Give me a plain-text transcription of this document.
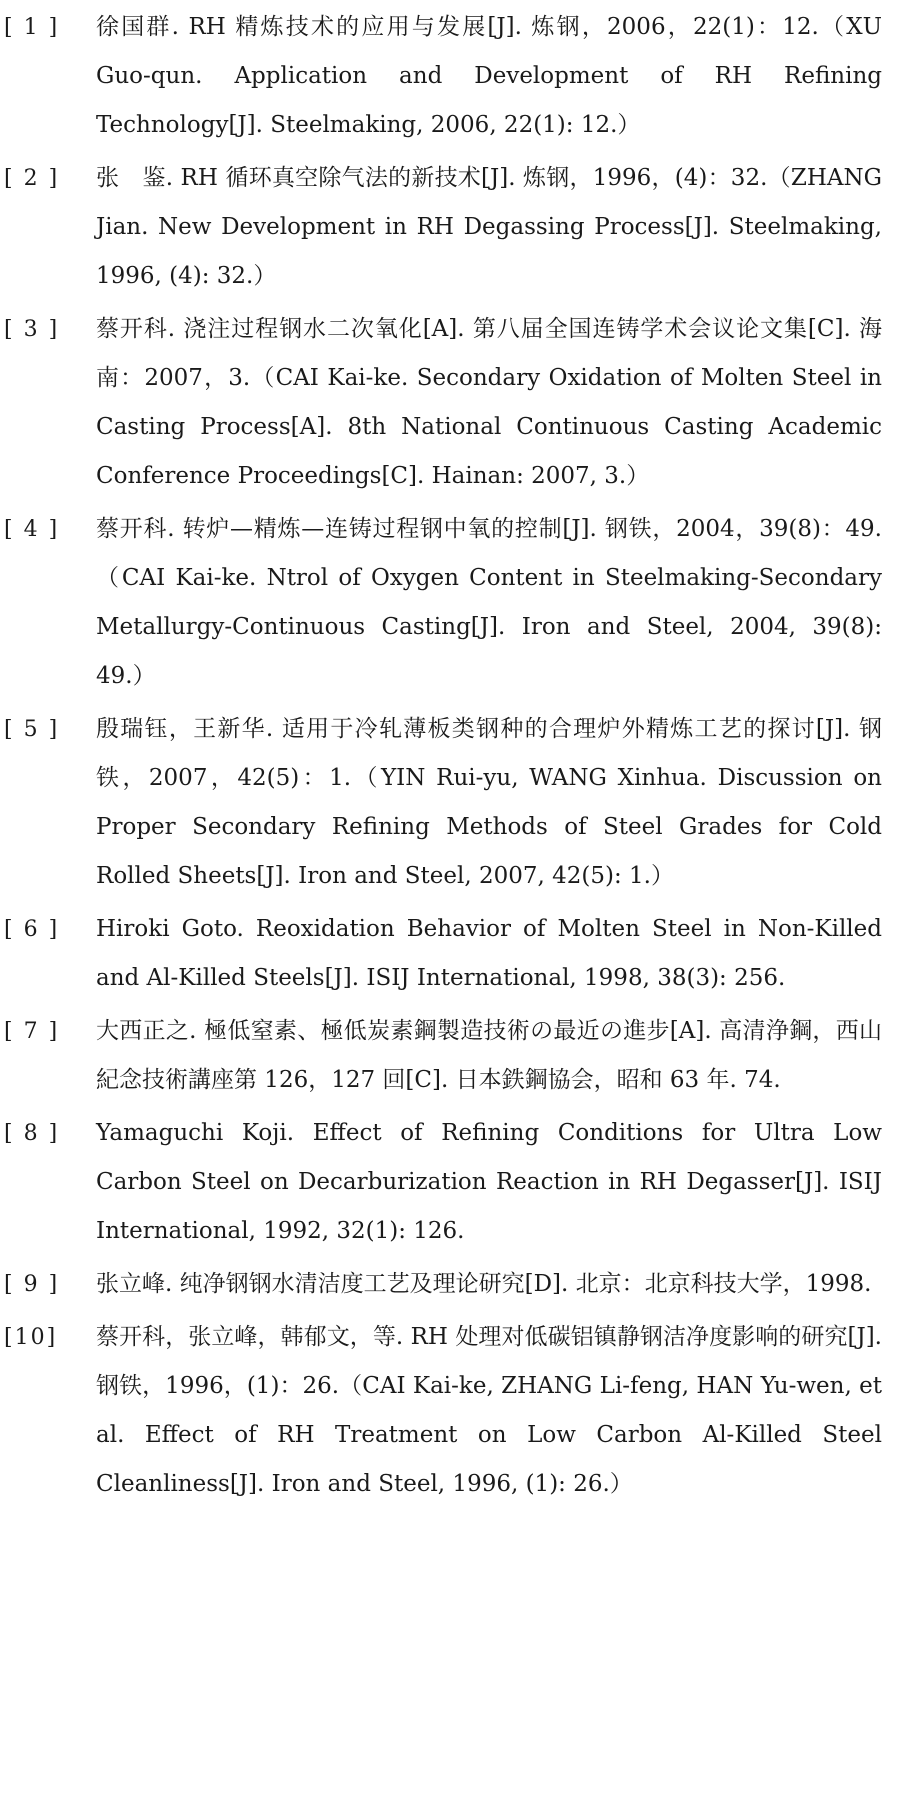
[ 1 ]	徐国群. RH 精炼技术的应用与发展[J]. 炼钢，2006，22(1)：12.（XU Guo-qun. Application and Development of RH Refining Technology[J]. Steelmaking, 2006, 22(1): 12.）

[ 2 ]	张　鉴. RH 循环真空除气法的新技术[J]. 炼钢，1996，(4)：32.（ZHANG Jian. New Development in RH Degassing Process[J]. Steelmaking, 1996, (4): 32.）

[ 3 ]	蔡开科. 浇注过程钢水二次氧化[A]. 第八届全国连铸学术会议论文集[C]. 海南：2007，3.（CAI Kai-ke. Secondary Oxidation of Molten Steel in Casting Process[A]. 8th National Continuous Casting Academic Conference Proceedings[C]. Hainan: 2007, 3.）

[ 4 ]	蔡开科. 转炉—精炼—连铸过程钢中氧的控制[J]. 钢铁，2004，39(8)：49.（CAI Kai-ke. Ntrol of Oxygen Content in Steelmaking-Secondary Metallurgy-Continuous Casting[J]. Iron and Steel, 2004, 39(8): 49.）

[ 5 ]	殷瑞钰，王新华. 适用于冷轧薄板类钢种的合理炉外精炼工艺的探讨[J]. 钢铁，2007，42(5)：1.（YIN Rui-yu, WANG Xinhua. Discussion on Proper Secondary Refining Methods of Steel Grades for Cold Rolled Sheets[J]. Iron and Steel, 2007, 42(5): 1.）

[ 6 ]	Hiroki Goto. Reoxidation Behavior of Molten Steel in Non-Killed and Al-Killed Steels[J]. ISIJ International, 1998, 38(3): 256.

[ 7 ]	大西正之. 極低窒素、極低炭素鋼製造技術の最近の進步[A]. 高清浄鋼，西山紀念技術講座第 126，127 回[C]. 日本鉄鋼協会，昭和 63 年. 74.

[ 8 ]	Yamaguchi Koji. Effect of Refining Conditions for Ultra Low Carbon Steel on Decarburization Reaction in RH Degasser[J]. ISIJ International, 1992, 32(1): 126.

[ 9 ]	张立峰. 纯净钢钢水清洁度工艺及理论研究[D]. 北京：北京科技大学，1998.

[10]	蔡开科，张立峰，韩郁文，等. RH 处理对低碳铝镇静钢洁净度影响的研究[J]. 钢铁，1996，(1)：26.（CAI Kai-ke, ZHANG Li-feng, HAN Yu-wen, et al. Effect of RH Treatment on Low Carbon Al-Killed Steel Cleanliness[J]. Iron and Steel, 1996, (1): 26.）
